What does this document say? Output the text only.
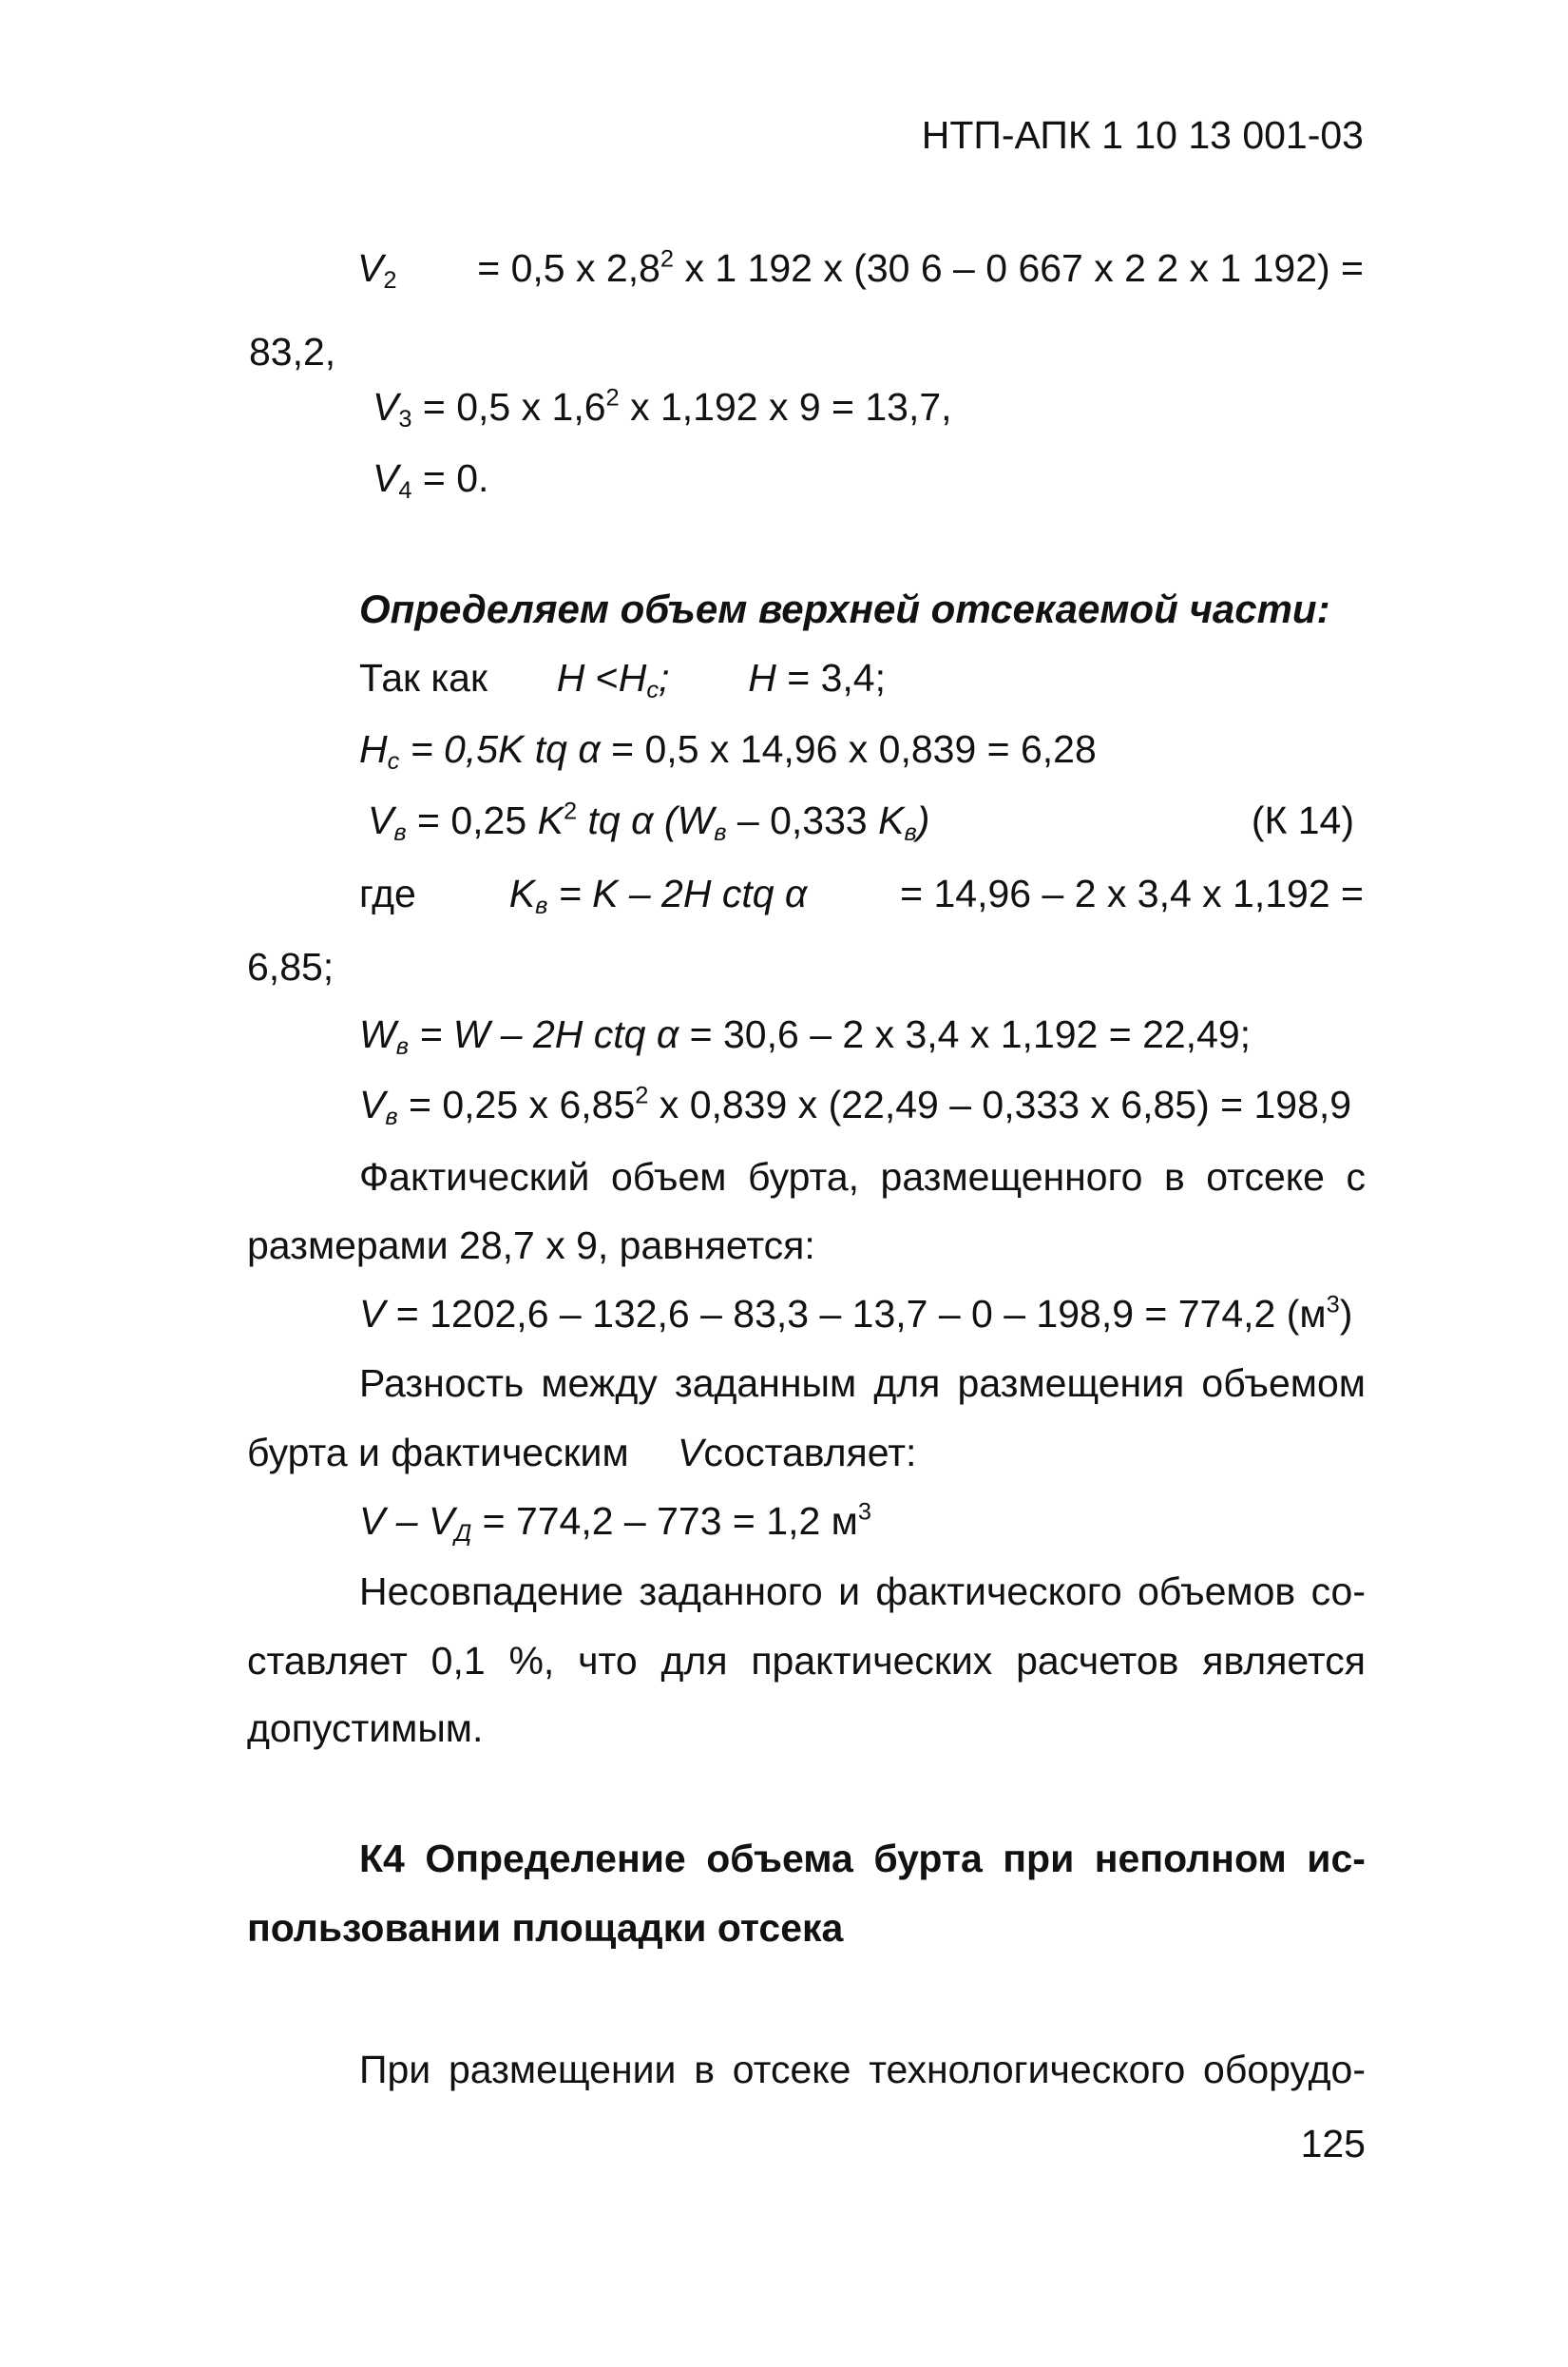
НТП-АПК 1 10 13 001-03
$V_2 = 0,5$ x $2,8^2$ x 1 192 x (30 6 – 0 667 x 2 2 x 1 192) =
83,2,
$V_3 = 0,5$ x $1,6^2$ x 1,192 x 9 = 13,7,
$V_4 = 0$.
Определяем объем верхней отсекаемой части:
Так как $H <H_c$; H = 3,4;
$H_c = 0,5K$ tq α = 0,5 x 14,96 x 0,839 = 6,28
$V_в = 0,25$ $K^2$ tq α ($W_в - 0,333$ $K_в$)	(К 14)
где $K_в = K - 2H$ ctq α = 14,96 – 2 x 3,4 x 1,192 =
6,85;
$W_в = W - 2H$ ctq α = 30,6 – 2 x 3,4 x 1,192 = 22,49;
$V_в = 0,25$ x 6,85$^2$ x 0,839 x (22,49 – 0,333 x 6,85) = 198,9
Фактический объем бурта, размещенного в отсеке с
размерами 28,7 x 9, равняется:
V = 1202,6 – 132,6 – 83,3 – 13,7 – 0 – 198,9 = 774,2 $(м^3)$
Разность между заданным для размещения объемом
бурта и фактическим Vсоставляет:
$V - V_Д = 774,2 - 773 = 1,2$ $м^3$
Несовпадение заданного и фактического объемов со-
ставляет 0,1 %, что для практических расчетов является
допустимым.
К4 Определение объема бурта при неполном ис-
пользовании площадки отсека
При размещении в отсеке технологического оборудо-
125
